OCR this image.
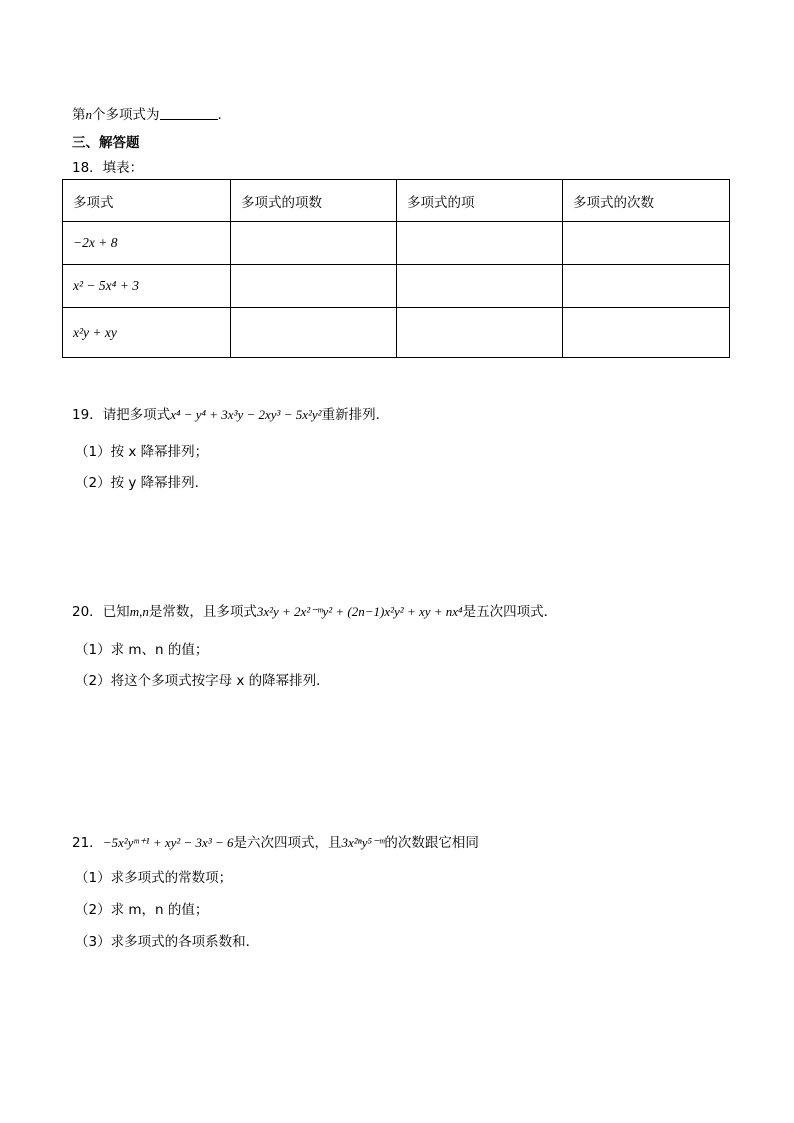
第n个多项式为	.
三、解答题
18．填表：
多项式	多项式的项数	多项式的项	多项式的次数
−2x + 8			
x² − 5x⁴ + 3			
x²y + xy			
19．请把多项式x⁴ − y⁴ + 3x³y − 2xy³ − 5x²y²重新排列．
（1）按 x 降幂排列；
（2）按 y 降幂排列．
20．已知m,n是常数，且多项式3x²y + 2x²⁻ᵐy² + (2n−1)x²y² + xy + nx⁴是五次四项式．
（1）求 m、n 的值；
（2）将这个多项式按字母 x 的降幂排列．
21．−5x²yᵐ⁺¹ + xy² − 3x³ − 6是六次四项式，且3x²ⁿy⁵⁻ᵐ的次数跟它相同
（1）求多项式的常数项；
（2）求 m，n 的值；
（3）求多项式的各项系数和．
